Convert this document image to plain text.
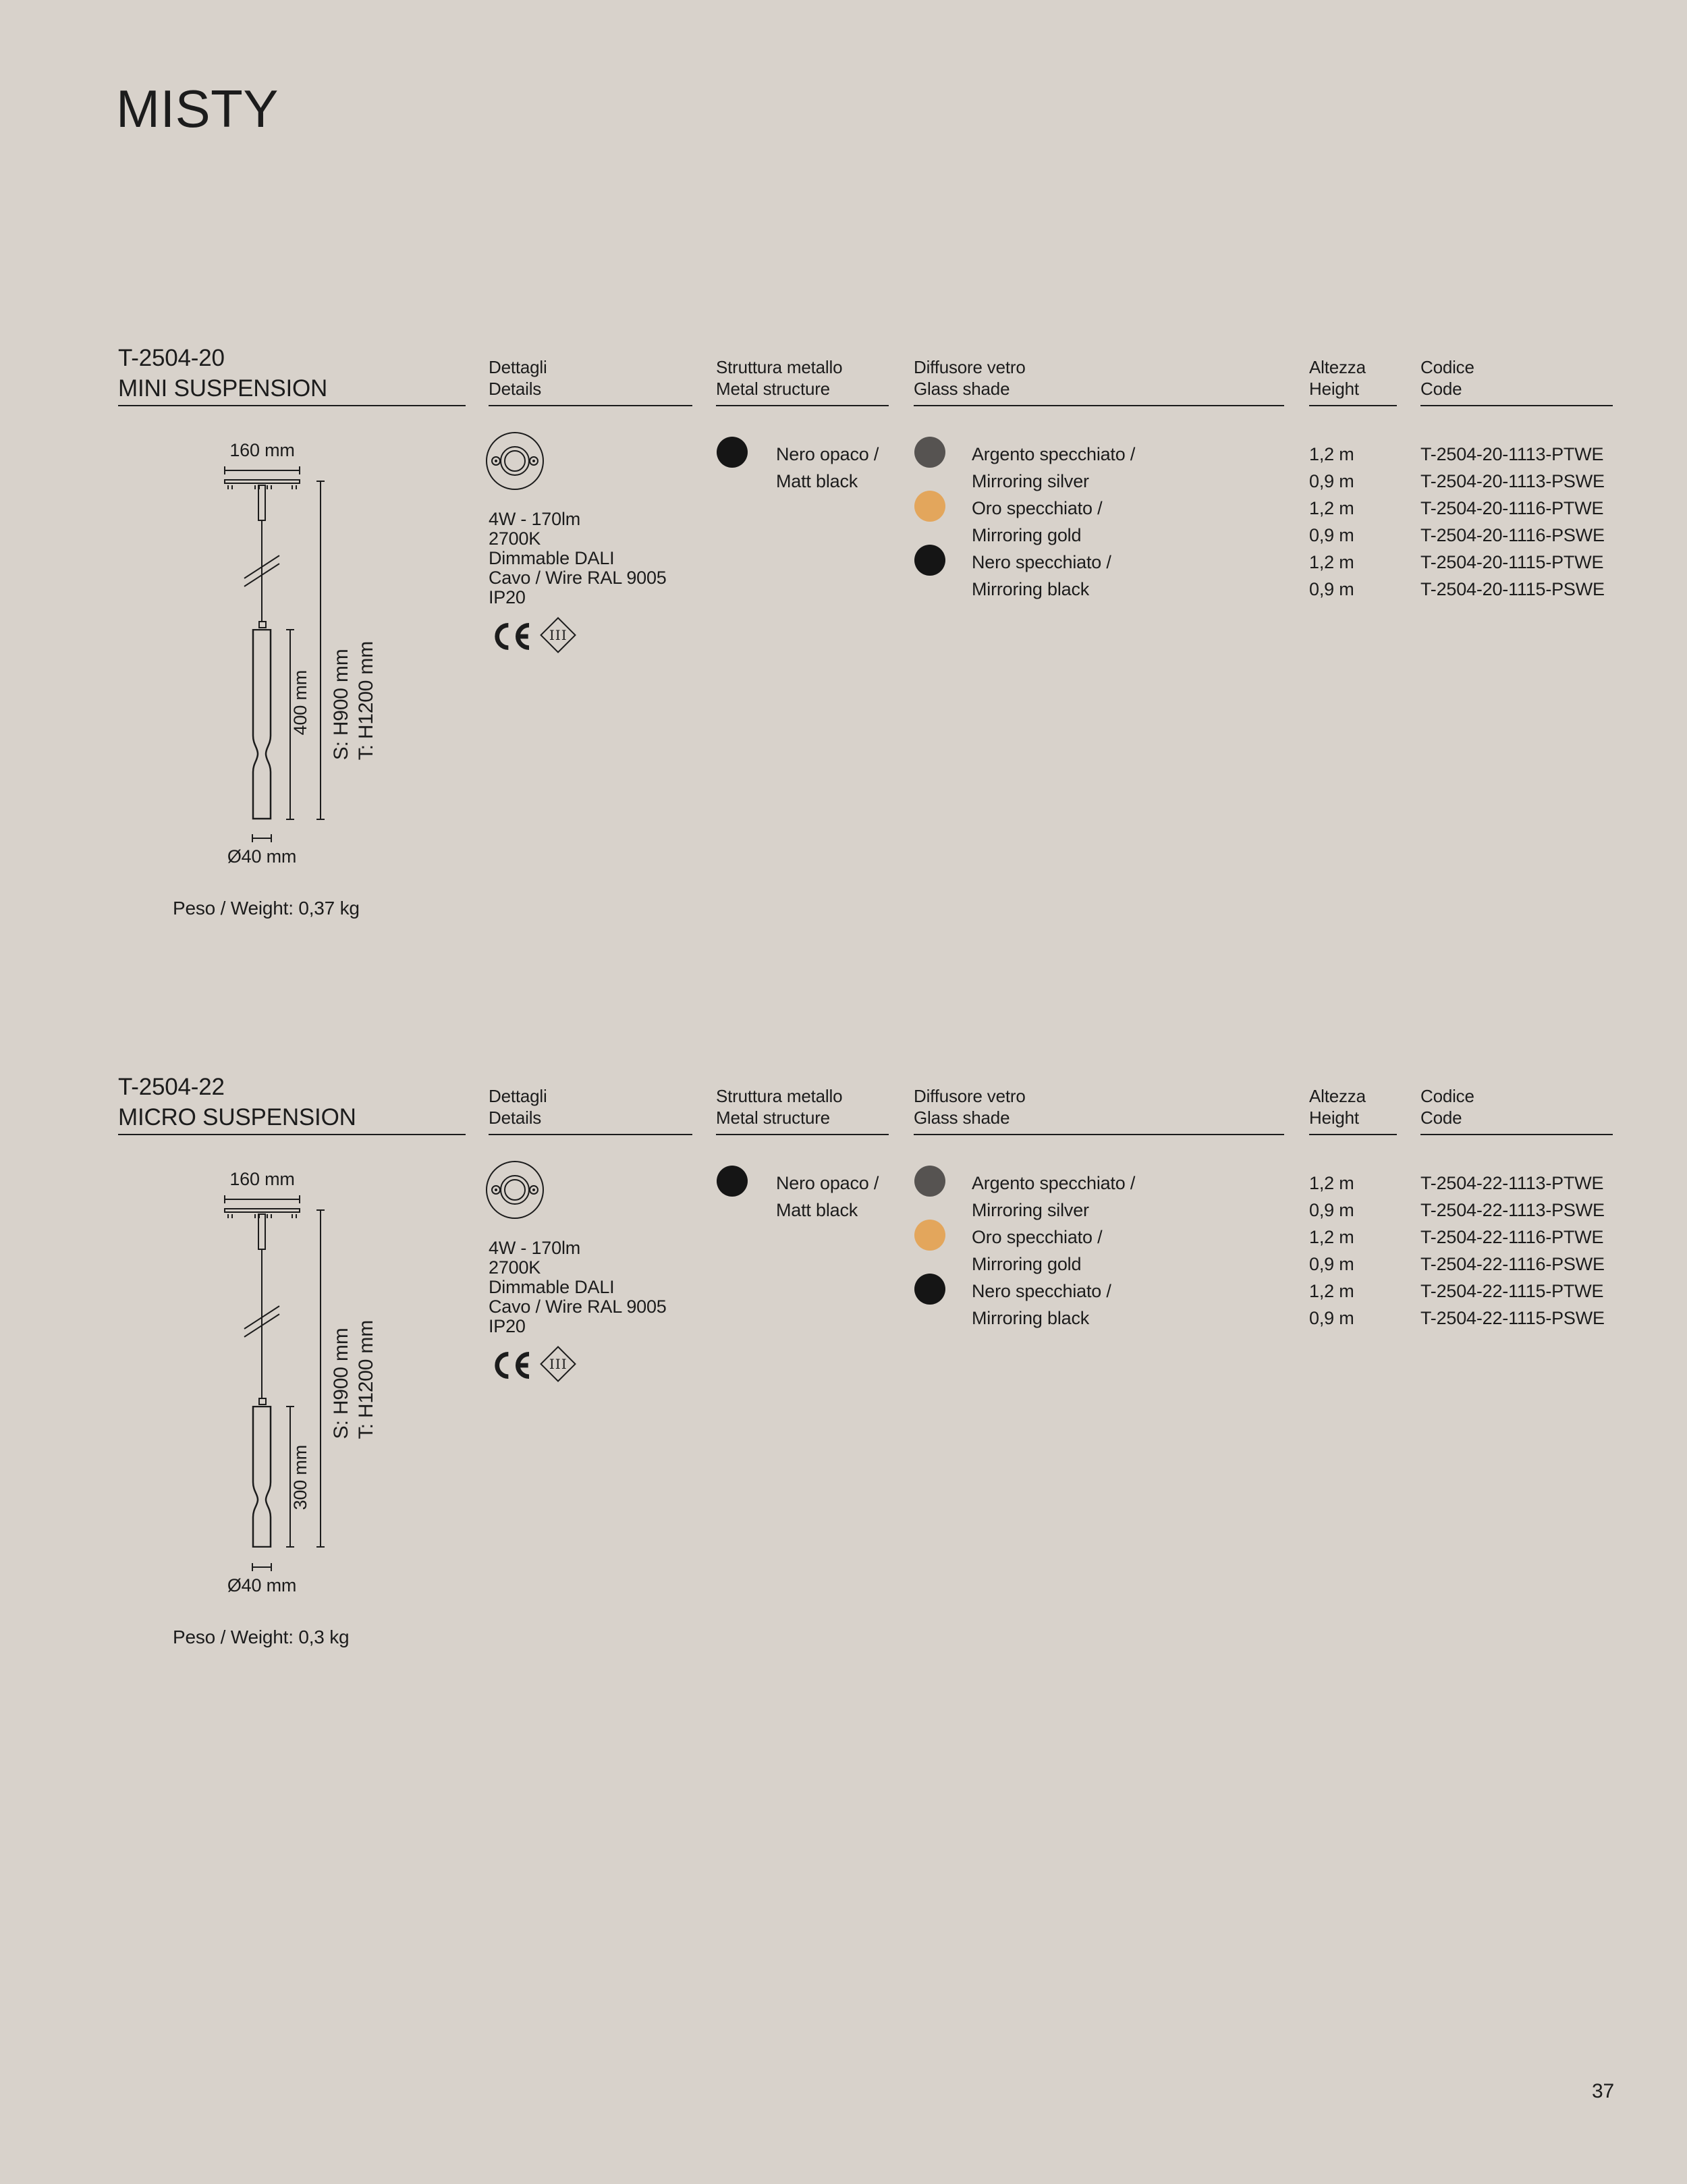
MISTY
T-2504-20
MINI SUSPENSION
Dettagli
Details
Struttura metallo
Metal structure
Diffusore vetro
Glass shade
Altezza
Height
Codice
Code
160 mm
400 mm S: H900 mm T: H1200 mm
Ø40 mm
Peso / Weight: 0,37 kg
4W - 170lm
2700K
Dimmable DALI
Cavo / Wire RAL 9005
IP20
III
Nero opaco /
Matt black
Argento specchiato /	1,2 m	T-2504-20-1113-PTWE
Mirroring silver	0,9 m	T-2504-20-1113-PSWE
Oro specchiato /	1,2 m	T-2504-20-1116-PTWE
Mirroring gold	0,9 m	T-2504-20-1116-PSWE
Nero specchiato /	1,2 m	T-2504-20-1115-PTWE
Mirroring black	0,9 m	T-2504-20-1115-PSWE
T-2504-22
MICRO SUSPENSION
Dettagli
Details
Struttura metallo
Metal structure
Diffusore vetro
Glass shade
Altezza
Height
Codice
Code
160 mm
300 mm
S: H900 mm T: H1200 mm
Ø40 mm
Peso / Weight: 0,3 kg
4W - 170lm
2700K
Dimmable DALI
Cavo / Wire RAL 9005
IP20
III
Nero opaco /
Matt black
Argento specchiato /	1,2 m	T-2504-22-1113-PTWE
Mirroring silver	0,9 m	T-2504-22-1113-PSWE
Oro specchiato /	1,2 m	T-2504-22-1116-PTWE
Mirroring gold	0,9 m	T-2504-22-1116-PSWE
Nero specchiato /	1,2 m	T-2504-22-1115-PTWE
Mirroring black	0,9 m	T-2504-22-1115-PSWE
37
